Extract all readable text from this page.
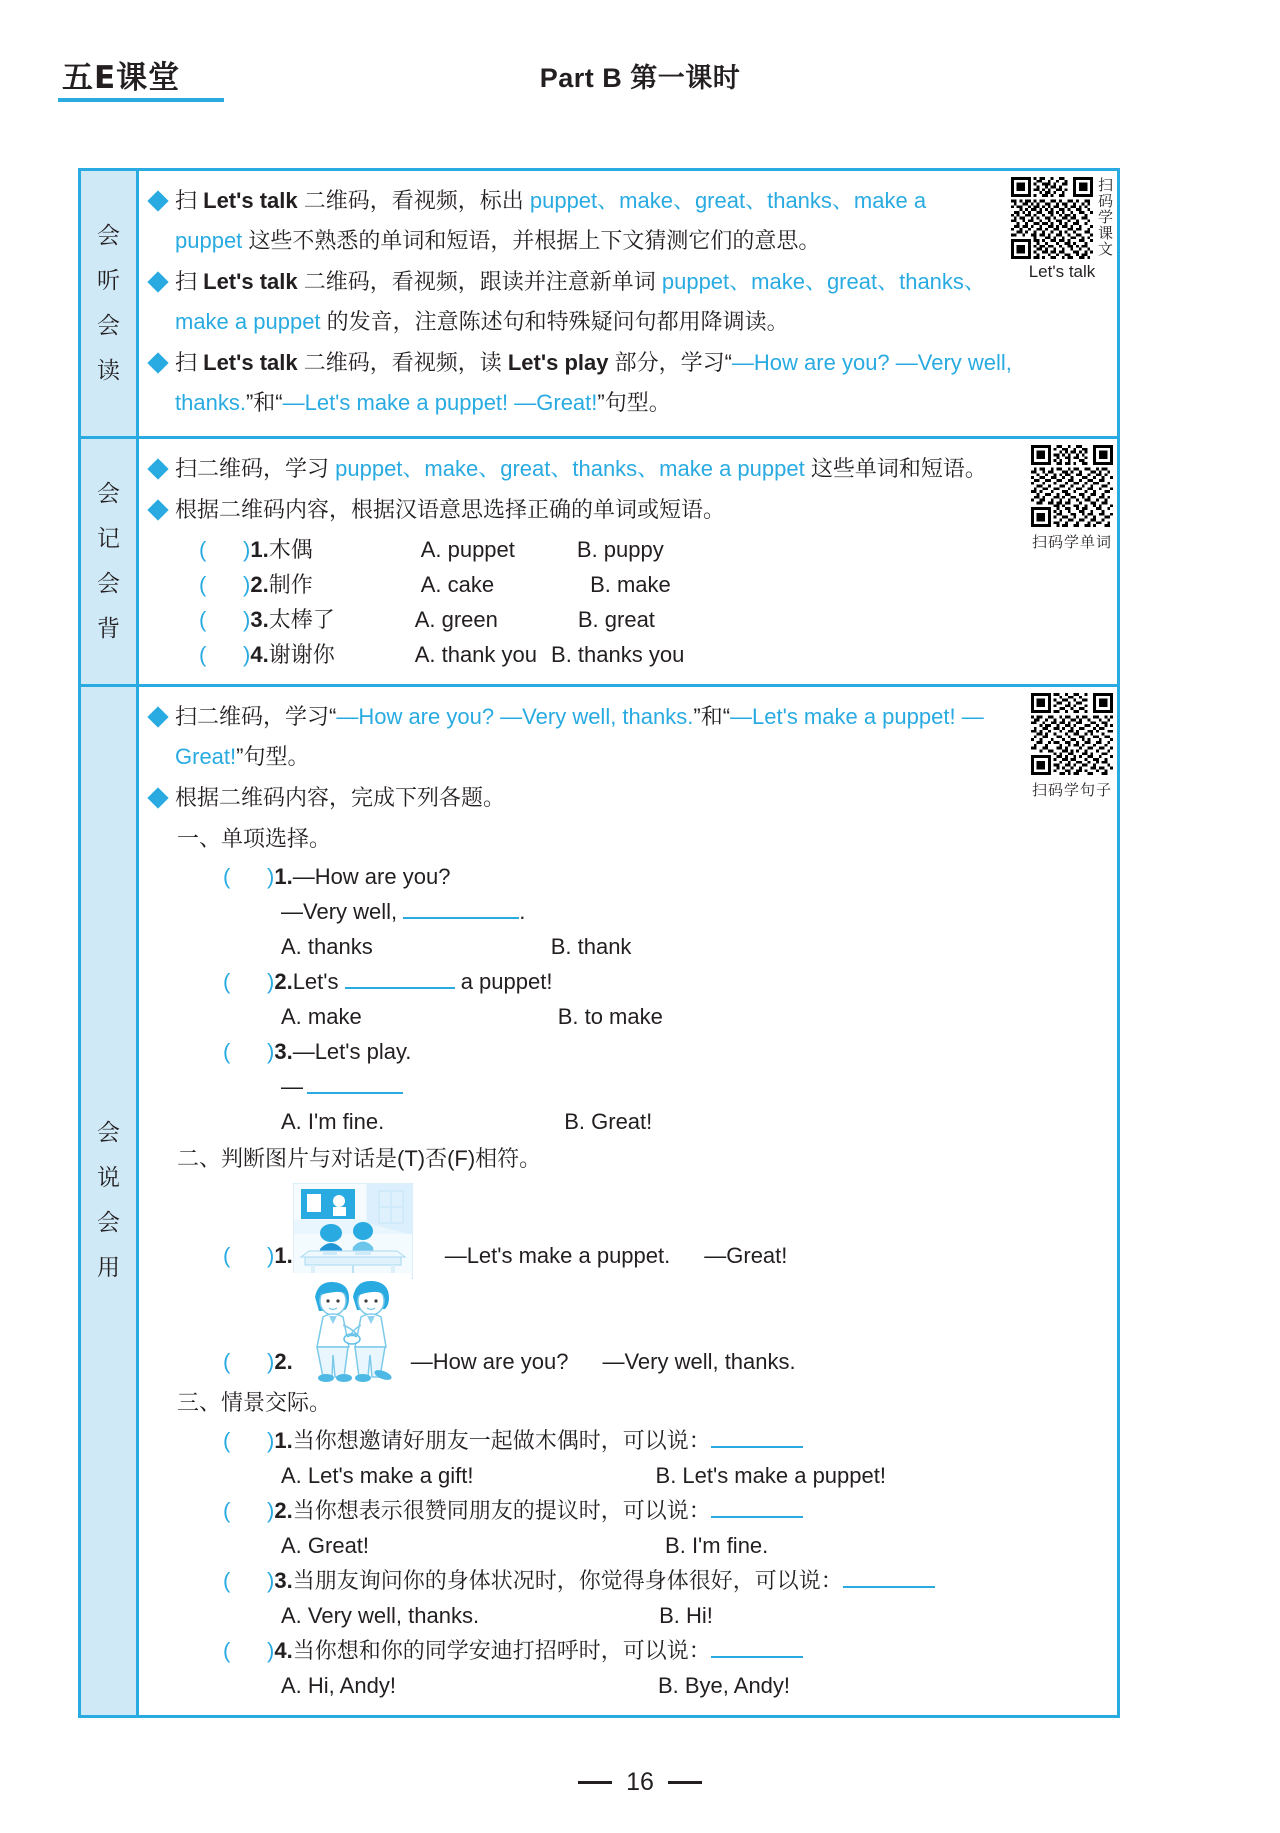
五E课堂	Part B 第一课时
会
听
会
读
扫 Let's talk 二维码，看视频，标出 puppet、make、great、thanks、make a puppet 这些不熟悉的单词和短语，并根据上下文猜测它们的意思。
扫 Let's talk 二维码，看视频，跟读并注意新单词 puppet、make、great、thanks、make a puppet 的发音，注意陈述句和特殊疑问句都用降调读。
扫 Let's talk 二维码，看视频，读 Let's play 部分，学习“—How are you? —Very well, thanks.”和“—Let's make a puppet! —Great!”句型。
扫码学课文
Let's talk
会
记
会
背
扫二维码，学习 puppet、make、great、thanks、make a puppet 这些单词和短语。
根据二维码内容，根据汉语意思选择正确的单词或短语。
(      )1.木偶	A. puppet	B. puppy
(      )2.制作	A. cake	B. make
(      )3.太棒了	A. green	B. great
(      )4.谢谢你	A. thank you B. thanks you
扫码学单词
会
说
会
用
扫二维码，学习“—How are you? —Very well, thanks.”和“—Let's make a puppet! —Great!”句型。
根据二维码内容，完成下列各题。
一、单项选择。
(      )1.—How are you?
—Very well,	.
A. thanks	B. thank
(      )2.Let's	a puppet!
A. make	B. to make
(      )3.—Let's play.
—
A. I'm fine.	B. Great!
二、判断图片与对话是(T)否(F)相符。
(      )1.	—Let's make a puppet. —Great!
(      )2.	—How are you? —Very well, thanks.
三、情景交际。
(      )1.当你想邀请好朋友一起做木偶时，可以说：
A. Let's make a gift!	B. Let's make a puppet!
(      )2.当你想表示很赞同朋友的提议时，可以说：
A. Great!	B. I'm fine.
(      )3.当朋友询问你的身体状况时，你觉得身体很好，可以说：
A. Very well, thanks.	B. Hi!
(      )4.当你想和你的同学安迪打招呼时，可以说：
A. Hi, Andy!	B. Bye, Andy!
扫码学句子
16
